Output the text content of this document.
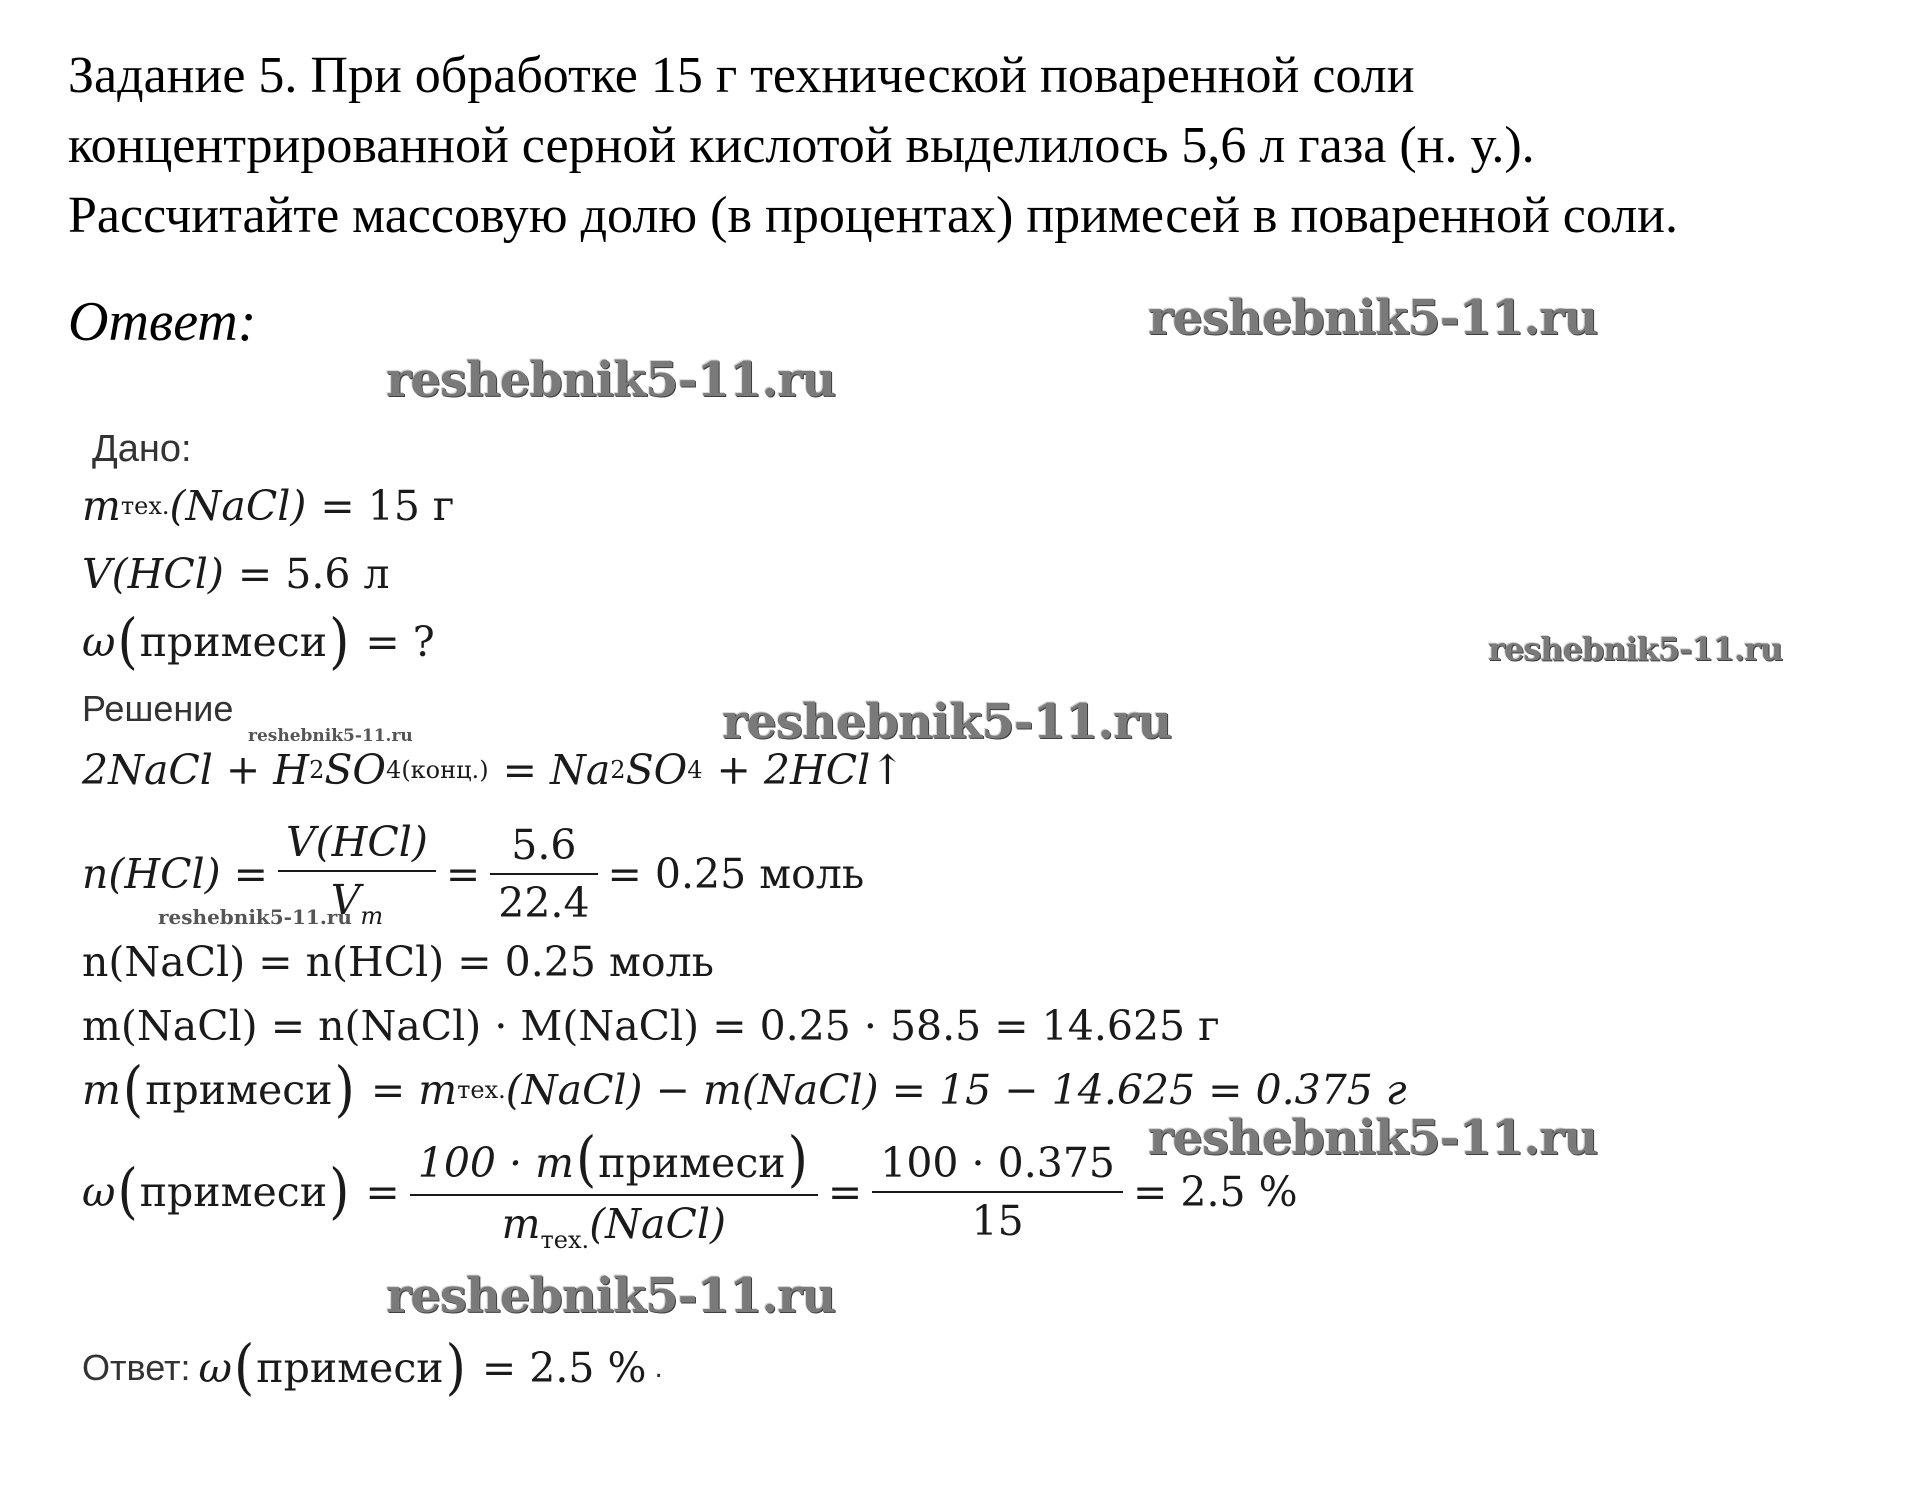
Задание 5. При обработке 15 г технической поваренной соли
концентрированной серной кислотой выделилось 5,6 л газа (н. у.).
Рассчитайте массовую долю (в процентах) примесей в поваренной соли.
Ответ:	reshebnik5-11.ru
reshebnik5-11.ru
reshebnik5-11.ru
reshebnik5-11.ru
reshebnik5-11.ru
reshebnik5-11.ru
reshebnik5-11.ru
reshebnik5-11.ru
Дано:
m тех. (NaCl) = 15 г
V(HCl) = 5.6 л
ω ( примеси ) = ?
Решение
2NaCl + H 2 SO 4(конц.) = Na 2 SO 4 + 2HCl↑
$n(HCl) = \frac{\text{V(HCl)}}{V_m} = \frac{5.6}{22.4} = 0.25$ моль
n(NaCl) = n(HCl) = 0.25 моль
m(NaCl) = n(NaCl) · M(NaCl) = 0.25 · 58.5 = 14.625 г
m ( примеси ) = m тех. (NaCl) − m(NaCl) = 15 − 14.625 = 0.375 г
ω ( примеси ) = $\frac{\text{100 · m(примеси)}}{m_{тех.}(NaCl)} = \frac{100 \cdot 0.375}{15} = 2.5$ %
Ответ: ω ( примеси ) = 2.5 % .
